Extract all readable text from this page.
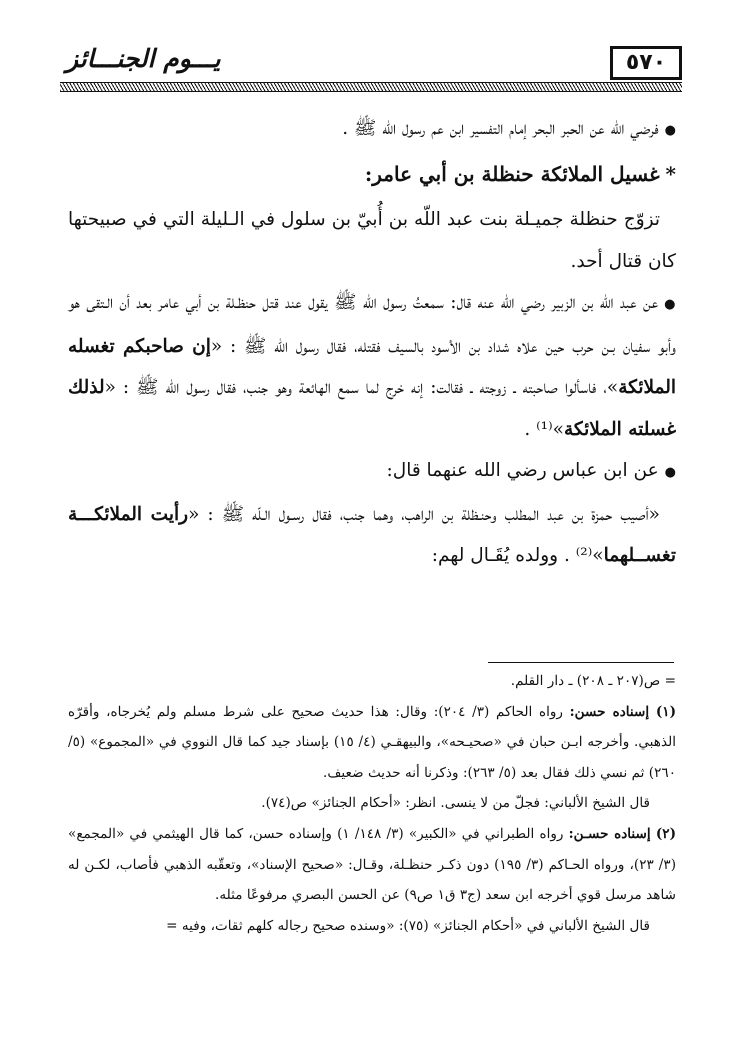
يـــوم الجنـــائز	٥٧٠

● فرضي اللّه عن الحبر البحر إمام التفسير ابن عم رسول اللّه ﷺ .

*غسيل الملائكة حنظلة بن أبي عامر:

تزوّج حنظلة جميـلة بنت عبد اللّه بن أُبيّ بن سلول في الـليلة التي في صبيحتها كان قتال أحد.

● عن عبد اللّه بن الزبير رضي الله عنه قال: سمعتُ رسول اللّه ﷺ يقول عند قتل حنظـلة بن أبي عامر بعد أن الـتقى هو وأبو سفيان بـن حرب حين علاه شداد بن الأسود بالسيف فقتله، فقال رسول اللّه ﷺ : «إن صاحبكم تغسله الملائكة»، فاسألوا صاحبته ـ زوجته ـ فقالت: إنه خرج لما سمع الهائعة وهو جنب، فقال رسول اللّه ﷺ : «لذلك غسلته الملائكة»⁽¹⁾ .

● عن ابن عباس رضي الله عنهما قال:

«أصيب حمزة بن عبد المطلب وحنـظلة بن الراهب، وهما جنب، فقال رسـول الـلّه ﷺ : «رأيت الملائكـــة تغســلهما»⁽²⁾ . وولده يُقَـال لهم:

= ص(٢٠٧ ـ ٢٠٨) ـ دار القلم.

(١) إسناده حسن: رواه الحاكم (٣/ ٢٠٤): وقال: هذا حديث صحيح على شرط مسلم ولم يُخرجاه، وأقرّه الذهبي. وأخرجه ابـن حبان في «صحيـحه»، والبيهقـي (٤/ ١٥) بإسناد جيد كما قال النووي في «المجموع» (٥/ ٢٦٠) ثم نسي ذلك فقال بعد (٥/ ٢٦٣): وذكرنا أنه حديث ضعيف.

قال الشيخ الألباني: فجلّ من لا ينسى. انظر: «أحكام الجنائز» ص(٧٤).

(٢) إسناده حسـن: رواه الطبراني في «الكبير» (٣/ ١٤٨/ ١) وإسناده حسن، كما قال الهيثمي في «المجمع» (٣/ ٢٣)، ورواه الحـاكم (٣/ ١٩٥) دون ذكـر حنظـلة، وقـال: «صحيح الإسناد»، وتعقّبه الذهبي فأصاب، لكـن له شاهد مرسل قوي أخرجه ابن سعد (ج٣ ق١ ص٩) عن الحسن البصري مرفوعًا مثله.

قال الشيخ الألباني في «أحكام الجنائز» (٧٥): «وسنده صحيح رجاله كلهم ثقات، وفيه =
